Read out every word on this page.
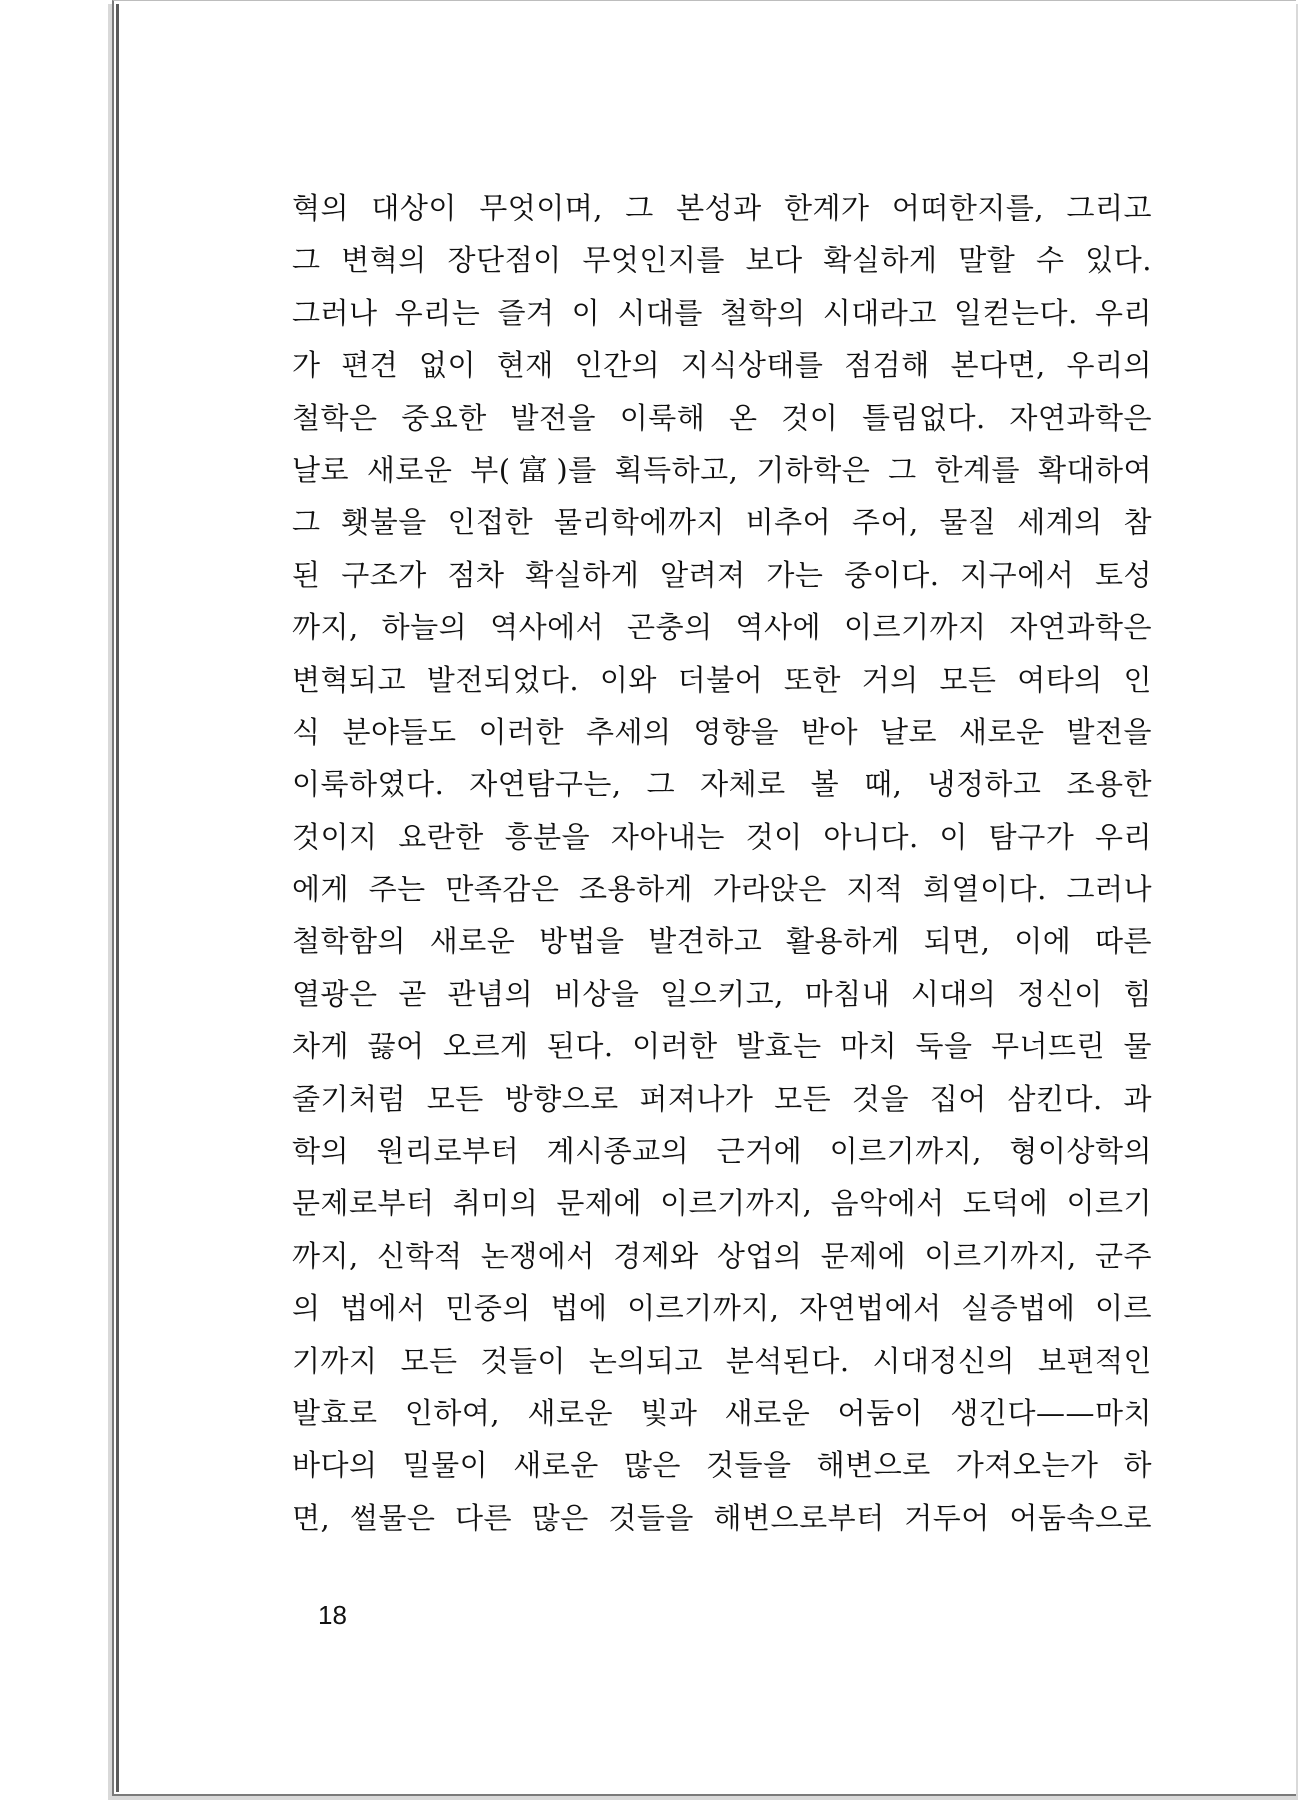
혁의 대상이 무엇이며, 그 본성과 한계가 어떠한지를, 그리고
그 변혁의 장단점이 무엇인지를 보다 확실하게 말할 수 있다.
그러나 우리는 즐겨 이 시대를 철학의 시대라고 일컫는다. 우리
가 편견 없이 현재 인간의 지식상태를 점검해 본다면, 우리의
철학은 중요한 발전을 이룩해 온 것이 틀림없다. 자연과학은
날로 새로운 부(富)를 획득하고, 기하학은 그 한계를 확대하여
그 횃불을 인접한 물리학에까지 비추어 주어, 물질 세계의 참
된 구조가 점차 확실하게 알려져 가는 중이다. 지구에서 토성
까지, 하늘의 역사에서 곤충의 역사에 이르기까지 자연과학은
변혁되고 발전되었다. 이와 더불어 또한 거의 모든 여타의 인
식 분야들도 이러한 추세의 영향을 받아 날로 새로운 발전을
이룩하였다. 자연탐구는, 그 자체로 볼 때, 냉정하고 조용한
것이지 요란한 흥분을 자아내는 것이 아니다. 이 탐구가 우리
에게 주는 만족감은 조용하게 가라앉은 지적 희열이다. 그러나
철학함의 새로운 방법을 발견하고 활용하게 되면, 이에 따른
열광은 곧 관념의 비상을 일으키고, 마침내 시대의 정신이 힘
차게 끓어 오르게 된다. 이러한 발효는 마치 둑을 무너뜨린 물
줄기처럼 모든 방향으로 퍼져나가 모든 것을 집어 삼킨다. 과
학의 원리로부터 계시종교의 근거에 이르기까지, 형이상학의
문제로부터 취미의 문제에 이르기까지, 음악에서 도덕에 이르기
까지, 신학적 논쟁에서 경제와 상업의 문제에 이르기까지, 군주
의 법에서 민중의 법에 이르기까지, 자연법에서 실증법에 이르
기까지 모든 것들이 논의되고 분석된다. 시대정신의 보편적인
발효로 인하여, 새로운 빛과 새로운 어둠이 생긴다——마치
바다의 밀물이 새로운 많은 것들을 해변으로 가져오는가 하
면, 썰물은 다른 많은 것들을 해변으로부터 거두어 어둠속으로
18
